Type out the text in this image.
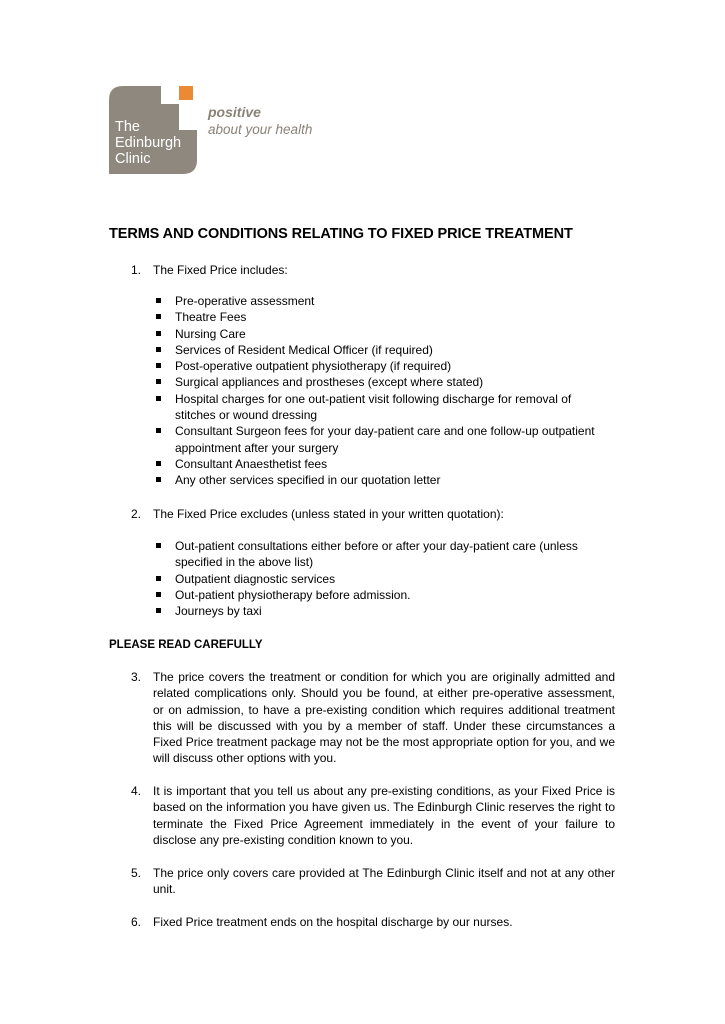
The
Edinburgh
Clinic
positive
about your health
TERMS AND CONDITIONS RELATING TO FIXED PRICE TREATMENT
1. The Fixed Price includes:
Pre-operative assessment
Theatre Fees
Nursing Care
Services of Resident Medical Officer (if required)
Post-operative outpatient physiotherapy (if required)
Surgical appliances and prostheses (except where stated)
Hospital charges for one out-patient visit following discharge for removal of stitches or wound dressing
Consultant Surgeon fees for your day-patient care and one follow-up outpatient appointment after your surgery
Consultant Anaesthetist fees
Any other services specified in our quotation letter
2. The Fixed Price excludes (unless stated in your written quotation):
Out-patient consultations either before or after your day-patient care (unless specified in the above list)
Outpatient diagnostic services
Out-patient physiotherapy before admission.
Journeys by taxi
PLEASE READ CAREFULLY
3. The price covers the treatment or condition for which you are originally admitted and related complications only. Should you be found, at either pre-operative assessment, or on admission, to have a pre-existing condition which requires additional treatment this will be discussed with you by a member of staff. Under these circumstances a Fixed Price treatment package may not be the most appropriate option for you, and we will discuss other options with you.
4. It is important that you tell us about any pre-existing conditions, as your Fixed Price is based on the information you have given us. The Edinburgh Clinic reserves the right to terminate the Fixed Price Agreement immediately in the event of your failure to disclose any pre-existing condition known to you.
5. The price only covers care provided at The Edinburgh Clinic itself and not at any other unit.
6. Fixed Price treatment ends on the hospital discharge by our nurses.
